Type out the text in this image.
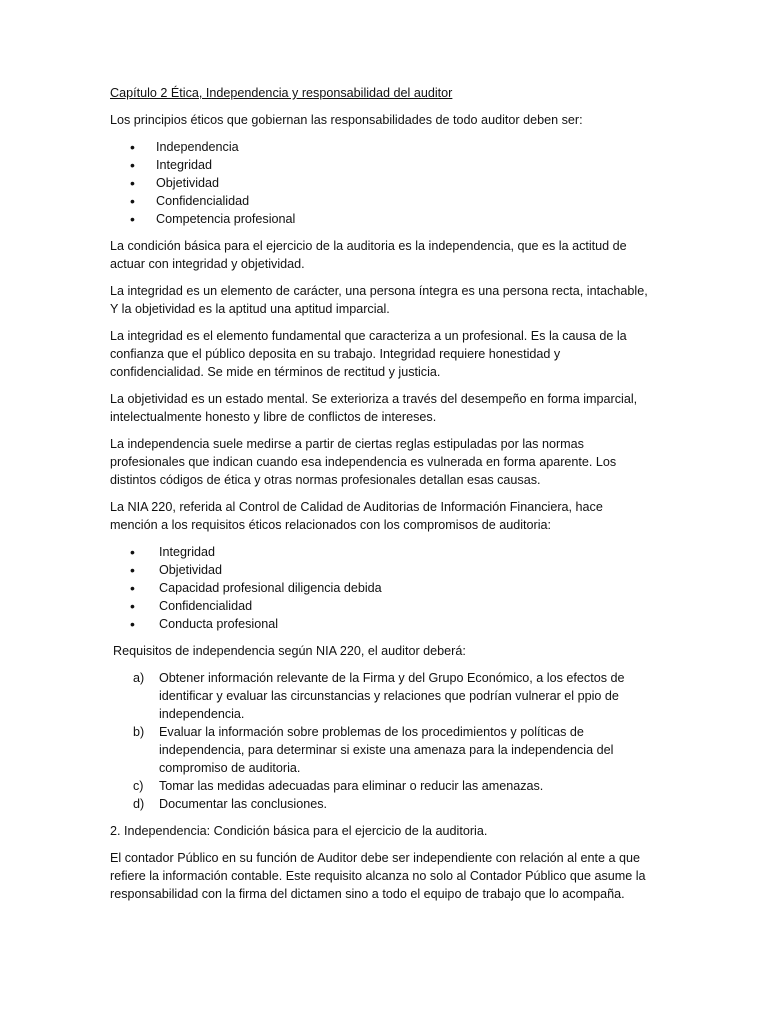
Capítulo 2 Ética, Independencia y responsabilidad del auditor

Los principios éticos que gobiernan las responsabilidades de todo auditor deben ser:

• Independencia
• Integridad
• Objetividad
• Confidencialidad
• Competencia profesional

La condición básica para el ejercicio de la auditoria es la independencia, que es la actitud de actuar con integridad y objetividad.

La integridad es un elemento de carácter, una persona íntegra es una persona recta, intachable, Y la objetividad es la aptitud una aptitud imparcial.

La integridad es el elemento fundamental que caracteriza a un profesional. Es la causa de la confianza que el público deposita en su trabajo. Integridad requiere honestidad y confidencialidad. Se mide en términos de rectitud y justicia.

La objetividad es un estado mental. Se exterioriza a través del desempeño en forma imparcial, intelectualmente honesto y libre de conflictos de intereses.

La independencia suele medirse a partir de ciertas reglas estipuladas por las normas profesionales que indican cuando esa independencia es vulnerada en forma aparente. Los distintos códigos de ética y otras normas profesionales detallan esas causas.

La NIA 220, referida al Control de Calidad de Auditorias de Información Financiera, hace mención a los requisitos éticos relacionados con los compromisos de auditoria:

• Integridad
• Objetividad
• Capacidad profesional diligencia debida
• Confidencialidad
• Conducta profesional

Requisitos de independencia según NIA 220, el auditor deberá:

a) Obtener información relevante de la Firma y del Grupo Económico, a los efectos de identificar y evaluar las circunstancias y relaciones que podrían vulnerar el ppio de independencia.
b) Evaluar la información sobre problemas de los procedimientos y políticas de independencia, para determinar si existe una amenaza para la independencia del compromiso de auditoria.
c) Tomar las medidas adecuadas para eliminar o reducir las amenazas.
d) Documentar las conclusiones.

2. Independencia: Condición básica para el ejercicio de la auditoria.

El contador Público en su función de Auditor debe ser independiente con relación al ente a que refiere la información contable. Este requisito alcanza no solo al Contador Público que asume la responsabilidad con la firma del dictamen sino a todo el equipo de trabajo que lo acompaña.
